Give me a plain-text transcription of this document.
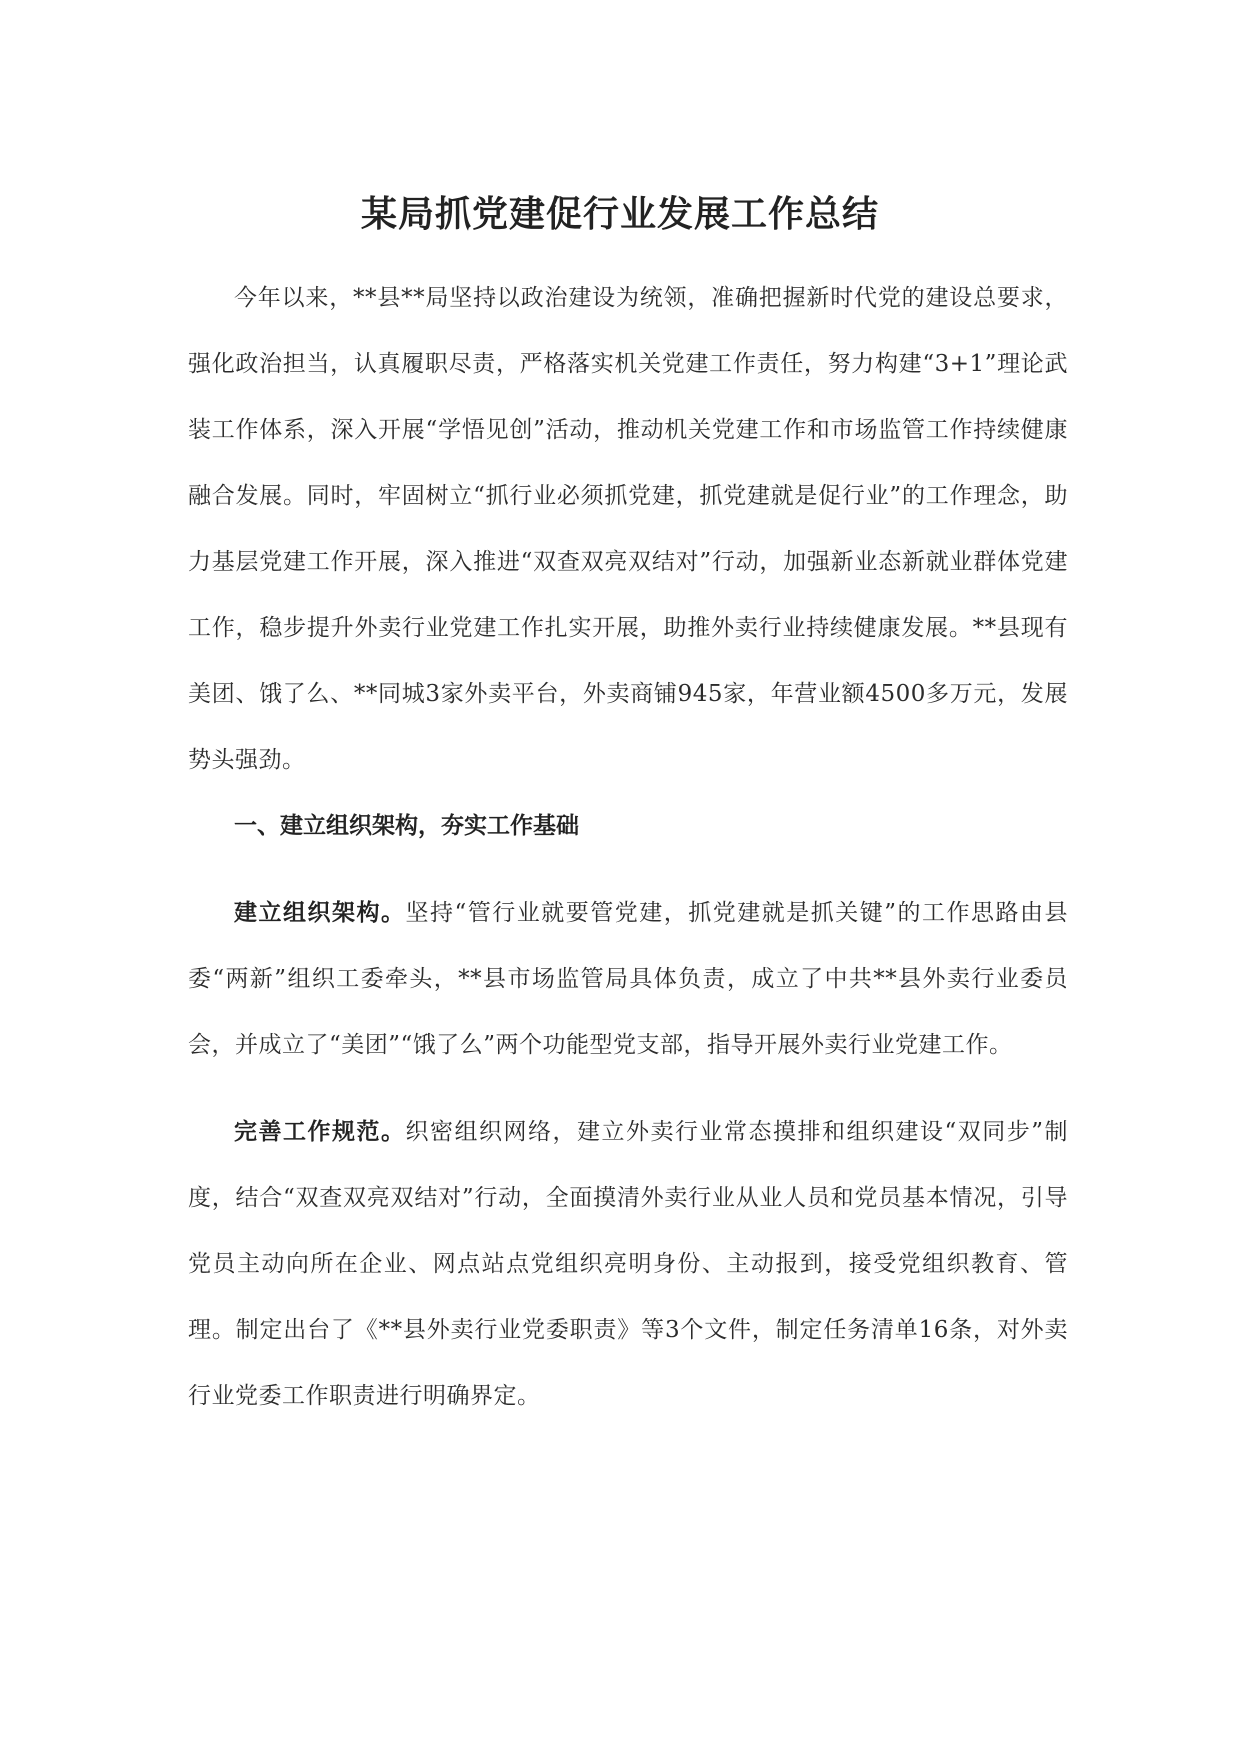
某局抓党建促行业发展工作总结

今年以来，**县**局坚持以政治建设为统领，准确把握新时代党的建设总要求，强化政治担当，认真履职尽责，严格落实机关党建工作责任，努力构建“3+1”理论武装工作体系，深入开展“学悟见创”活动，推动机关党建工作和市场监管工作持续健康融合发展。同时，牢固树立“抓行业必须抓党建，抓党建就是促行业”的工作理念，助力基层党建工作开展，深入推进“双查双亮双结对”行动，加强新业态新就业群体党建工作，稳步提升外卖行业党建工作扎实开展，助推外卖行业持续健康发展。**县现有美团、饿了么、**同城3家外卖平台，外卖商铺945家，年营业额4500多万元，发展势头强劲。

一、建立组织架构，夯实工作基础

建立组织架构。坚持“管行业就要管党建，抓党建就是抓关键”的工作思路由县委“两新”组织工委牵头，**县市场监管局具体负责，成立了中共**县外卖行业委员会，并成立了“美团”“饿了么”两个功能型党支部，指导开展外卖行业党建工作。

完善工作规范。织密组织网络，建立外卖行业常态摸排和组织建设“双同步”制度，结合“双查双亮双结对”行动，全面摸清外卖行业从业人员和党员基本情况，引导党员主动向所在企业、网点站点党组织亮明身份、主动报到，接受党组织教育、管理。制定出台了《**县外卖行业党委职责》等3个文件，制定任务清单16条，对外卖行业党委工作职责进行明确界定。
